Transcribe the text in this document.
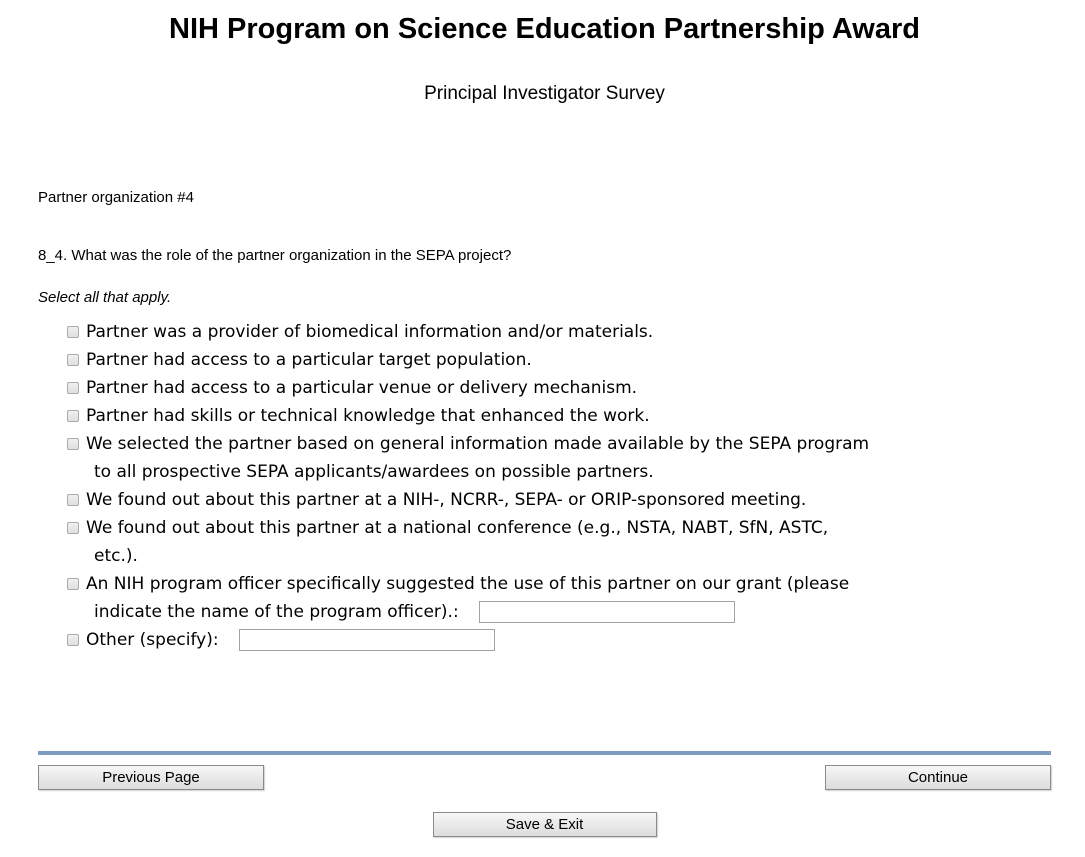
NIH Program on Science Education Partnership Award
Principal Investigator Survey
Partner organization #4
8_4. What was the role of the partner organization in the SEPA project?
Select all that apply.
Partner was a provider of biomedical information and/or materials.
Partner had access to a particular target population.
Partner had access to a particular venue or delivery mechanism.
Partner had skills or technical knowledge that enhanced the work.
We selected the partner based on general information made available by the SEPA program
to all prospective SEPA applicants/awardees on possible partners.
We found out about this partner at a NIH-, NCRR-, SEPA- or ORIP-sponsored meeting.
We found out about this partner at a national conference (e.g., NSTA, NABT, SfN, ASTC,
etc.).
An NIH program officer specifically suggested the use of this partner on our grant (please
indicate the name of the program officer).:
Other (specify):
Previous Page	Continue
Save & Exit
